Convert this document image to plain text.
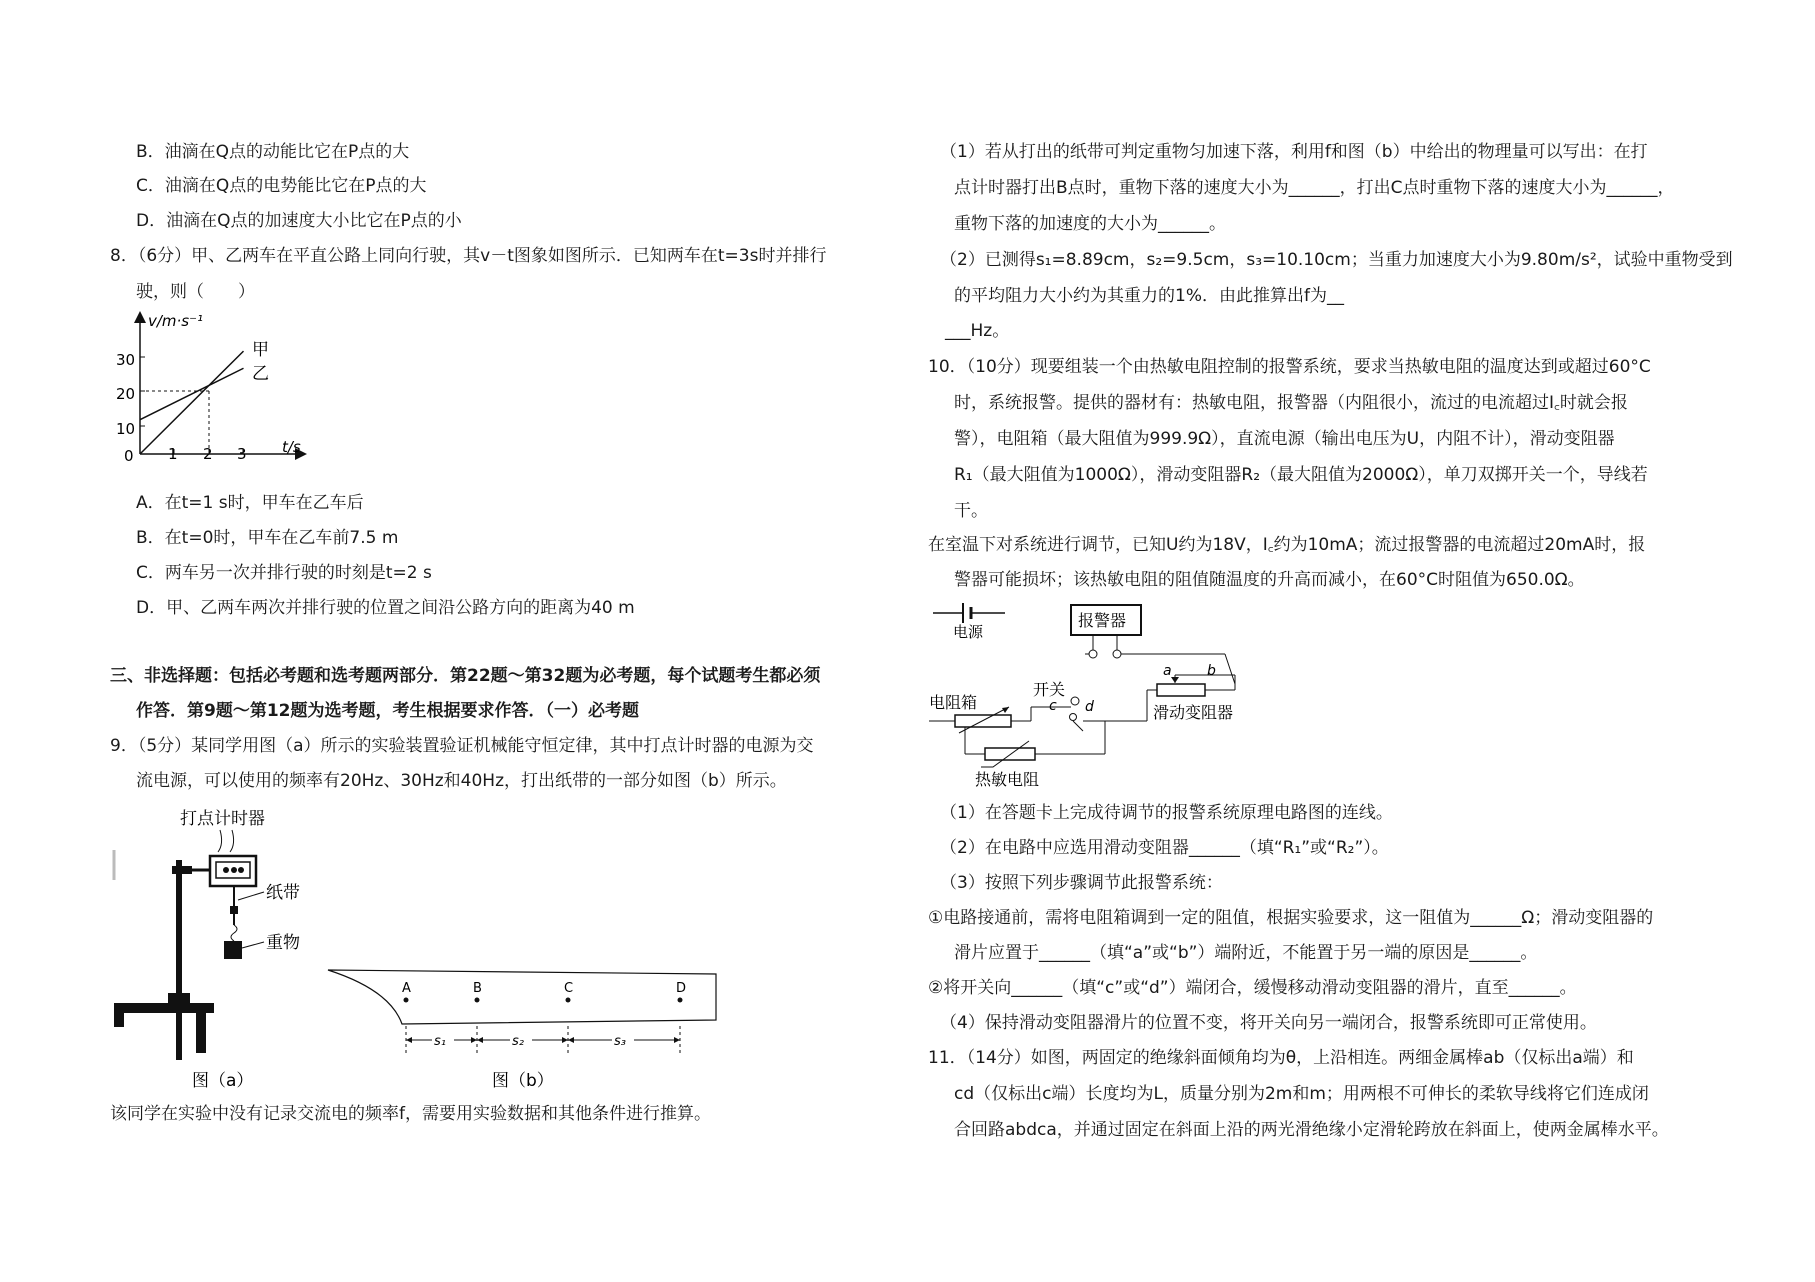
B．油滴在Q点的动能比它在P点的大
C．油滴在Q点的电势能比它在P点的大
D．油滴在Q点的加速度大小比它在P点的小
8．（6分）甲、乙两车在平直公路上同向行驶，其v－t图象如图所示．已知两车在t=3s时并排行
驶，则（　　）
v/m·s⁻¹
t/s
30
20
10
0 1 2 3
甲
乙
A．在t=1 s时，甲车在乙车后
B．在t=0时，甲车在乙车前7.5 m
C．两车另一次并排行驶的时刻是t=2 s
D．甲、乙两车两次并排行驶的位置之间沿公路方向的距离为40 m
三、非选择题：包括必考题和选考题两部分．第22题～第32题为必考题，每个试题考生都必须
作答．第9题～第12题为选考题，考生根据要求作答．（一）必考题
9．（5分）某同学用图（a）所示的实验装置验证机械能守恒定律，其中打点计时器的电源为交
流电源，可以使用的频率有20Hz、30Hz和40Hz，打出纸带的一部分如图（b）所示。
打点计时器
纸带
重物
图（a）
A	B	C	D
s₁	s₂	s₃
图（b）
该同学在实验中没有记录交流电的频率f，需要用实验数据和其他条件进行推算。
（1）若从打出的纸带可判定重物匀加速下落，利用f和图（b）中给出的物理量可以写出：在打
点计时器打出B点时，重物下落的速度大小为______，打出C点时重物下落的速度大小为______，
重物下落的加速度的大小为______。
（2）已测得s₁=8.89cm，s₂=9.5cm，s₃=10.10cm；当重力加速度大小为9.80m/s²，试验中重物受到
的平均阻力大小约为其重力的1%．由此推算出f为__
___Hz。
10．（10分）现要组装一个由热敏电阻控制的报警系统，要求当热敏电阻的温度达到或超过60°C
时，系统报警。提供的器材有：热敏电阻，报警器（内阻很小，流过的电流超过I꜀时就会报
警），电阻箱（最大阻值为999.9Ω），直流电源（输出电压为U，内阻不计），滑动变阻器
R₁（最大阻值为1000Ω），滑动变阻器R₂（最大阻值为2000Ω），单刀双掷开关一个，导线若
干。
在室温下对系统进行调节，已知U约为18V，I꜀约为10mA；流过报警器的电流超过20mA时，报
警器可能损坏；该热敏电阻的阻值随温度的升高而减小，在60°C时阻值为650.0Ω。
电源
报警器
开关
c d
a	b
滑动变阻器
电阻箱
热敏电阻
（1）在答题卡上完成待调节的报警系统原理电路图的连线。
（2）在电路中应选用滑动变阻器______（填“R₁”或“R₂”）。
（3）按照下列步骤调节此报警系统：
①电路接通前，需将电阻箱调到一定的阻值，根据实验要求，这一阻值为______Ω；滑动变阻器的
滑片应置于______（填“a”或“b”）端附近，不能置于另一端的原因是______。
②将开关向______（填“c”或“d”）端闭合，缓慢移动滑动变阻器的滑片，直至______。
（4）保持滑动变阻器滑片的位置不变，将开关向另一端闭合，报警系统即可正常使用。
11．（14分）如图，两固定的绝缘斜面倾角均为θ，上沿相连。两细金属棒ab（仅标出a端）和
cd（仅标出c端）长度均为L，质量分别为2m和m；用两根不可伸长的柔软导线将它们连成闭
合回路abdca，并通过固定在斜面上沿的两光滑绝缘小定滑轮跨放在斜面上，使两金属棒水平。
